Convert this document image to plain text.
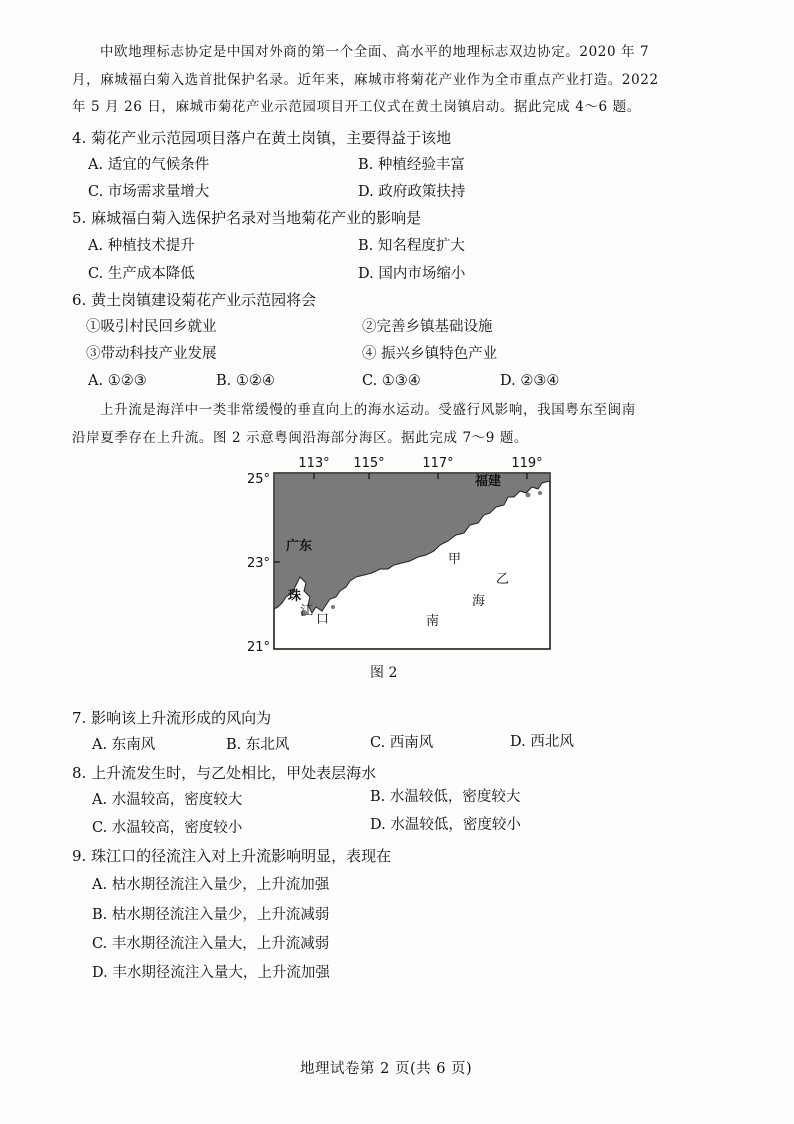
中欧地理标志协定是中国对外商的第一个全面、高水平的地理标志双边协定。2020 年 7
月，麻城福白菊入选首批保护名录。近年来，麻城市将菊花产业作为全市重点产业打造。2022
年 5 月 26 日，麻城市菊花产业示范园项目开工仪式在黄土岗镇启动。据此完成 4～6 题。
4. 菊花产业示范园项目落户在黄土岗镇，主要得益于该地
A. 适宜的气候条件	B. 种植经验丰富
C. 市场需求量增大	D. 政府政策扶持
5. 麻城福白菊入选保护名录对当地菊花产业的影响是
A. 种植技术提升	B. 知名程度扩大
C. 生产成本降低	D. 国内市场缩小
6. 黄土岗镇建设菊花产业示范园将会
①吸引村民回乡就业	②完善乡镇基础设施
③带动科技产业发展	④ 振兴乡镇特色产业
A. ①②③	B. ①②④	C. ①③④	D. ②③④
上升流是海洋中一类非常缓慢的垂直向上的海水运动。受盛行风影响，我国粤东至闽南
沿岸夏季存在上升流。图 2 示意粤闽沿海部分海区。据此完成 7～9 题。
113° 115°	117°	119°
25°
23°
21°
福建
广东
甲
乙
珠
江
口	南
海
图 2
7. 影响该上升流形成的风向为
A. 东南风	B. 东北风	C. 西南风	D. 西北风
8. 上升流发生时，与乙处相比，甲处表层海水
A. 水温较高，密度较大	B. 水温较低，密度较大
C. 水温较高，密度较小	D. 水温较低，密度较小
9. 珠江口的径流注入对上升流影响明显，表现在
A. 枯水期径流注入量少，上升流加强
B. 枯水期径流注入量少，上升流减弱
C. 丰水期径流注入量大，上升流减弱
D. 丰水期径流注入量大，上升流加强
地理试卷第 2 页(共 6 页)
